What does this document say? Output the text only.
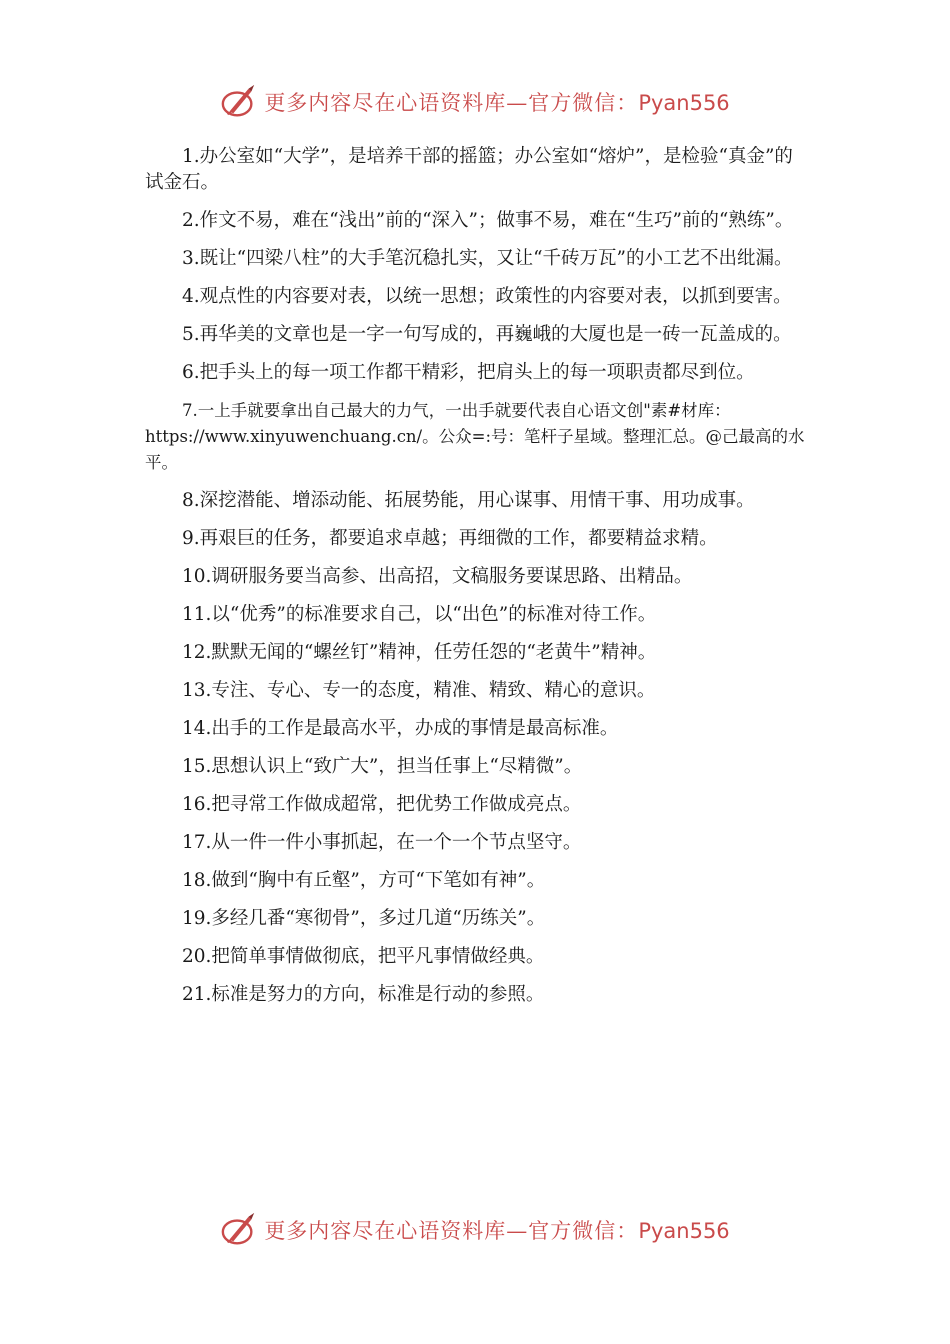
更多内容尽在心语资料库—官方微信：Pyan556
1.办公室如“大学”，是培养干部的摇篮；办公室如“熔炉”，是检验“真金”的试金石。
2.作文不易，难在“浅出”前的“深入”；做事不易，难在“生巧”前的“熟练”。
3.既让“四梁八柱”的大手笔沉稳扎实，又让“千砖万瓦”的小工艺不出纰漏。
4.观点性的内容要对表，以统一思想；政策性的内容要对表，以抓到要害。
5.再华美的文章也是一字一句写成的，再巍峨的大厦也是一砖一瓦盖成的。
6.把手头上的每一项工作都干精彩，把肩头上的每一项职责都尽到位。
7.一上手就要拿出自己最大的力气，一出手就要代表自心语文创"素#材库：https://www.xinyuwenchuang.cn/。公众=:号：笔杆子星域。整理汇总。@己最高的水平。
8.深挖潜能、增添动能、拓展势能，用心谋事、用情干事、用功成事。
9.再艰巨的任务，都要追求卓越；再细微的工作，都要精益求精。
10.调研服务要当高参、出高招，文稿服务要谋思路、出精品。
11.以“优秀”的标准要求自己，以“出色”的标准对待工作。
12.默默无闻的“螺丝钉”精神，任劳任怨的“老黄牛”精神。
13.专注、专心、专一的态度，精准、精致、精心的意识。
14.出手的工作是最高水平，办成的事情是最高标准。
15.思想认识上“致广大”，担当任事上“尽精微”。
16.把寻常工作做成超常，把优势工作做成亮点。
17.从一件一件小事抓起，在一个一个节点坚守。
18.做到“胸中有丘壑”，方可“下笔如有神”。
19.多经几番“寒彻骨”，多过几道“历练关”。
20.把简单事情做彻底，把平凡事情做经典。
21.标准是努力的方向，标准是行动的参照。
更多内容尽在心语资料库—官方微信：Pyan556
